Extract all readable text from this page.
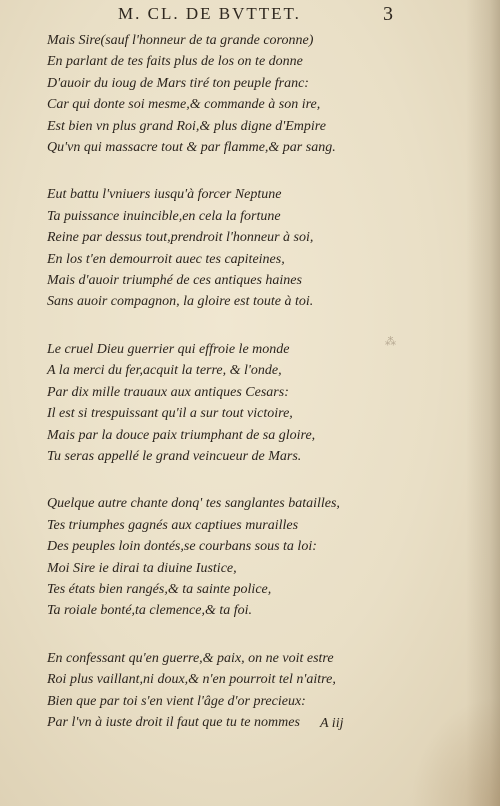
M. CL. DE BVTTET.	3
⁂
Mais Sire(sauf l'honneur de ta grande coronne)
En parlant de tes faits plus de los on te donne
D'auoir du ioug de Mars tiré ton peuple franc:
Car qui donte soi mesme,& commande à son ire,
Est bien vn plus grand Roi,& plus digne d'Empire
Qu'vn qui massacre tout & par flamme,& par sang.
Eut battu l'vniuers iusqu'à forcer Neptune
Ta puissance inuincible,en cela la fortune
Reine par dessus tout,prendroit l'honneur à soi,
En los t'en demourroit auec tes capiteines,
Mais d'auoir triumphé de ces antiques haines
Sans auoir compagnon, la gloire est toute à toi.
Le cruel Dieu guerrier qui effroie le monde
A la merci du fer,acquit la terre, & l'onde,
Par dix mille trauaux aux antiques Cesars:
Il est si trespuissant qu'il a sur tout victoire,
Mais par la douce paix triumphant de sa gloire,
Tu seras appellé le grand veincueur de Mars.
Quelque autre chante donq' tes sanglantes batailles,
Tes triumphes gagnés aux captiues murailles
Des peuples loin dontés,se courbans sous ta loi:
Moi Sire ie dirai ta diuine Iustice,
Tes états bien rangés,& ta sainte police,
Ta roiale bonté,ta clemence,& ta foi.
En confessant qu'en guerre,& paix, on ne voit estre
Roi plus vaillant,ni doux,& n'en pourroit tel n'aitre,
Bien que par toi s'en vient l'âge d'or precieux:
Par l'vn à iuste droit il faut que tu te nommes	A iij
